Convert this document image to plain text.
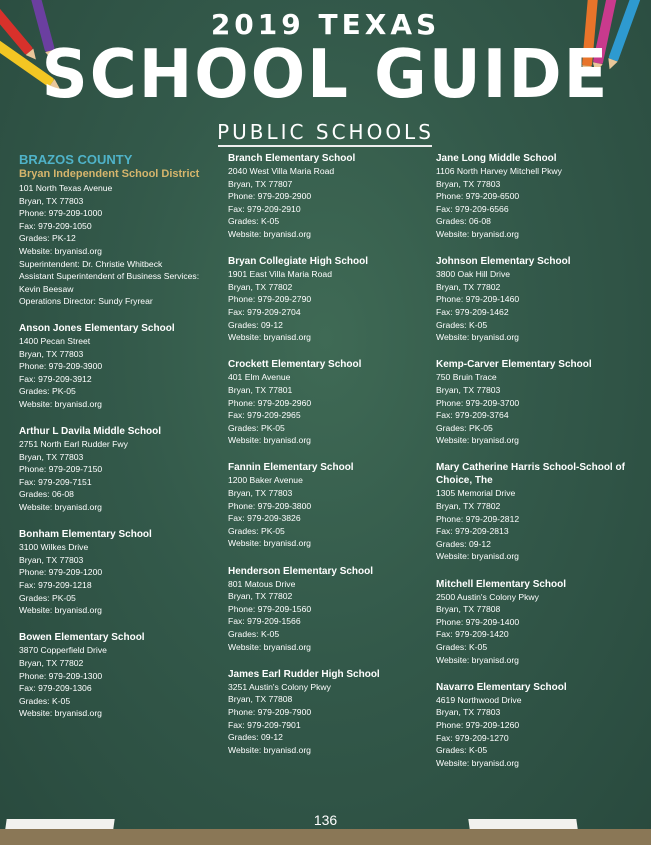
2019 TEXAS
SCHOOL GUIDE
PUBLIC SCHOOLS
BRAZOS COUNTY
Bryan Independent School District
101 North Texas Avenue
Bryan, TX 77803
Phone: 979-209-1000
Fax: 979-209-1050
Grades: PK-12
Website: bryanisd.org
Superintendent: Dr. Christie Whitbeck
Assistant Superintendent of Business Services:
Kevin Beesaw
Operations Director: Sundy Fryrear
Anson Jones Elementary School
1400 Pecan Street
Bryan, TX 77803
Phone: 979-209-3900
Fax: 979-209-3912
Grades: PK-05
Website: bryanisd.org
Arthur L Davila Middle School
2751 North Earl Rudder Fwy
Bryan, TX 77803
Phone: 979-209-7150
Fax: 979-209-7151
Grades: 06-08
Website: bryanisd.org
Bonham Elementary School
3100 Wilkes Drive
Bryan, TX 77803
Phone: 979-209-1200
Fax: 979-209-1218
Grades: PK-05
Website: bryanisd.org
Bowen Elementary School
3870 Copperfield Drive
Bryan, TX 77802
Phone: 979-209-1300
Fax: 979-209-1306
Grades: K-05
Website: bryanisd.org
Branch Elementary School
2040 West Villa Maria Road
Bryan, TX 77807
Phone: 979-209-2900
Fax: 979-209-2910
Grades: K-05
Website: bryanisd.org
Bryan Collegiate High School
1901 East Villa Maria Road
Bryan, TX 77802
Phone: 979-209-2790
Fax: 979-209-2704
Grades: 09-12
Website: bryanisd.org
Crockett Elementary School
401 Elm Avenue
Bryan, TX 77801
Phone: 979-209-2960
Fax: 979-209-2965
Grades: PK-05
Website: bryanisd.org
Fannin Elementary School
1200 Baker Avenue
Bryan, TX 77803
Phone: 979-209-3800
Fax: 979-209-3826
Grades: PK-05
Website: bryanisd.org
Henderson Elementary School
801 Matous Drive
Bryan, TX 77802
Phone: 979-209-1560
Fax: 979-209-1566
Grades: K-05
Website: bryanisd.org
James Earl Rudder High School
3251 Austin's Colony Pkwy
Bryan, TX 77808
Phone: 979-209-7900
Fax: 979-209-7901
Grades: 09-12
Website: bryanisd.org
Jane Long Middle School
1106 North Harvey Mitchell Pkwy
Bryan, TX 77803
Phone: 979-209-6500
Fax: 979-209-6566
Grades: 06-08
Website: bryanisd.org
Johnson Elementary School
3800 Oak Hill Drive
Bryan, TX 77802
Phone: 979-209-1460
Fax: 979-209-1462
Grades: K-05
Website: bryanisd.org
Kemp-Carver Elementary School
750 Bruin Trace
Bryan, TX 77803
Phone: 979-209-3700
Fax: 979-209-3764
Grades: PK-05
Website: bryanisd.org
Mary Catherine Harris School-School of Choice, The
1305 Memorial Drive
Bryan, TX 77802
Phone: 979-209-2812
Fax: 979-209-2813
Grades: 09-12
Website: bryanisd.org
Mitchell Elementary School
2500 Austin's Colony Pkwy
Bryan, TX 77808
Phone: 979-209-1400
Fax: 979-209-1420
Grades: K-05
Website: bryanisd.org
Navarro Elementary School
4619 Northwood Drive
Bryan, TX 77803
Phone: 979-209-1260
Fax: 979-209-1270
Grades: K-05
Website: bryanisd.org
136
